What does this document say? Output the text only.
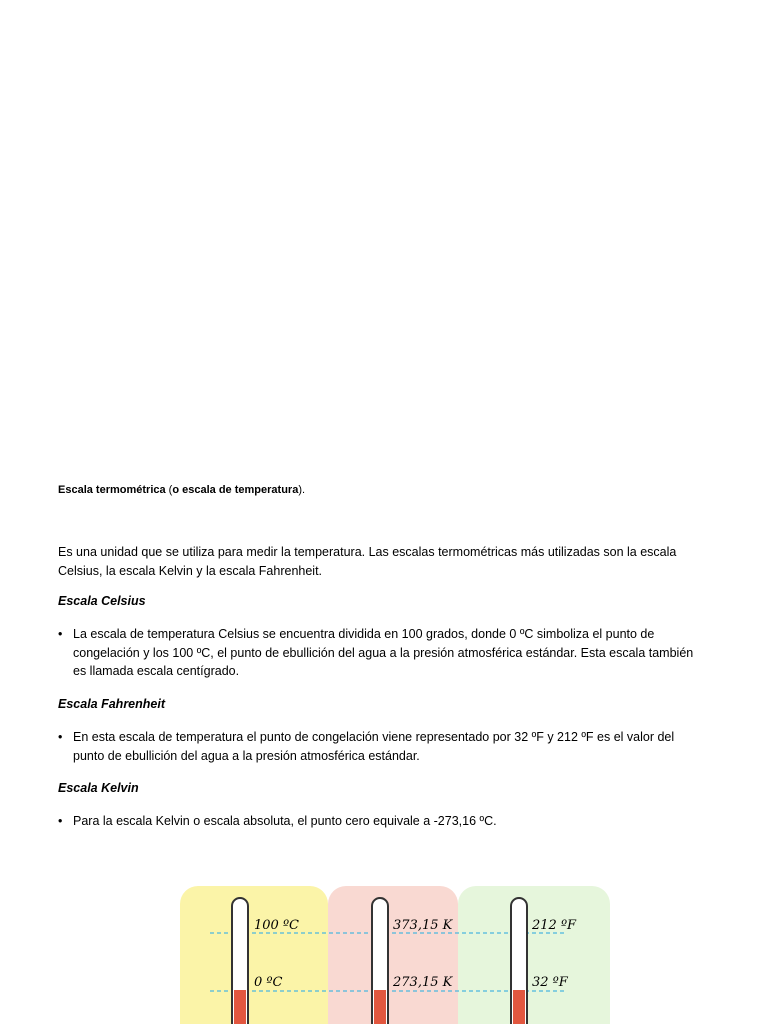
Escala termométrica (o escala de temperatura).

Es una unidad que se utiliza para medir la temperatura. Las escalas termométricas más utilizadas son la escala Celsius, la escala Kelvin y la escala Fahrenheit.

Escala Celsius

• La escala de temperatura Celsius se encuentra dividida en 100 grados, donde 0 ºC simboliza el punto de congelación y los 100 ºC, el punto de ebullición del agua a la presión atmosférica estándar. Esta escala también es llamada escala centígrado.

Escala Fahrenheit

• En esta escala de temperatura el punto de congelación viene representado por 32 ºF y 212 ºF es el valor del punto de ebullición del agua a la presión atmosférica estándar.

Escala Kelvin

• Para la escala Kelvin o escala absoluta, el punto cero equivale a -273,16 ºC.
100 ºC
0 ºC
373,15 K
273,15 K
212 ºF
32 ºF
